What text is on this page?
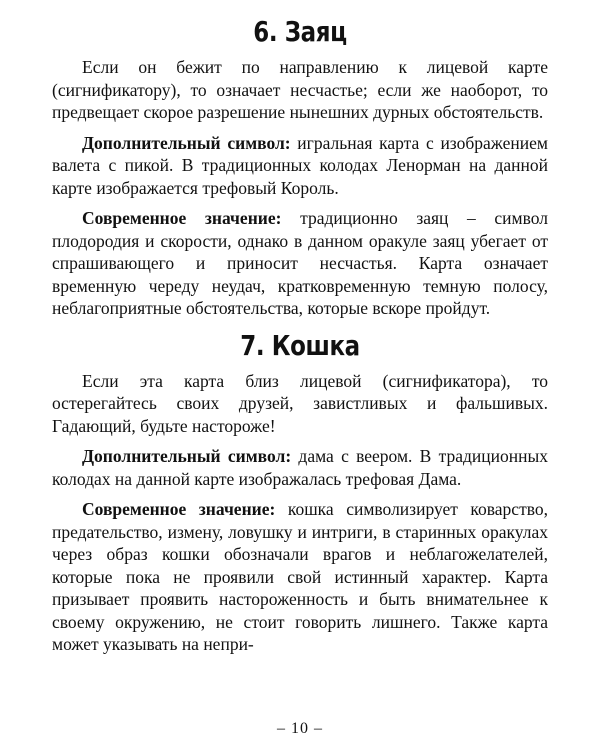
6. Заяц

Если он бежит по направлению к лицевой карте (сигнификатору), то означает несчастье; если же наоборот, то предвещает скорое разрешение нынешних дурных обстоятельств.

Дополнительный символ: игральная карта с изображением валета с пикой. В традиционных колодах Ленорман на данной карте изображается трефовый Король.

Современное значение: традиционно заяц – символ плодородия и скорости, однако в данном оракуле заяц убегает от спрашивающего и приносит несчастья. Карта означает временную череду неудач, кратковременную темную полосу, неблагоприятные обстоятельства, которые вскоре пройдут.

7. Кошка

Если эта карта близ лицевой (сигнификатора), то остерегайтесь своих друзей, завистливых и фальшивых. Гадающий, будьте настороже!

Дополнительный символ: дама с веером. В традиционных колодах на данной карте изображалась трефовая Дама.

Современное значение: кошка символизирует коварство, предательство, измену, ловушку и интриги, в старинных оракулах через образ кошки обозначали врагов и неблагожелателей, которые пока не проявили свой истинный характер. Карта призывает проявить настороженность и быть внимательнее к своему окружению, не стоит говорить лишнего. Также карта может указывать на непри-

– 10 –
